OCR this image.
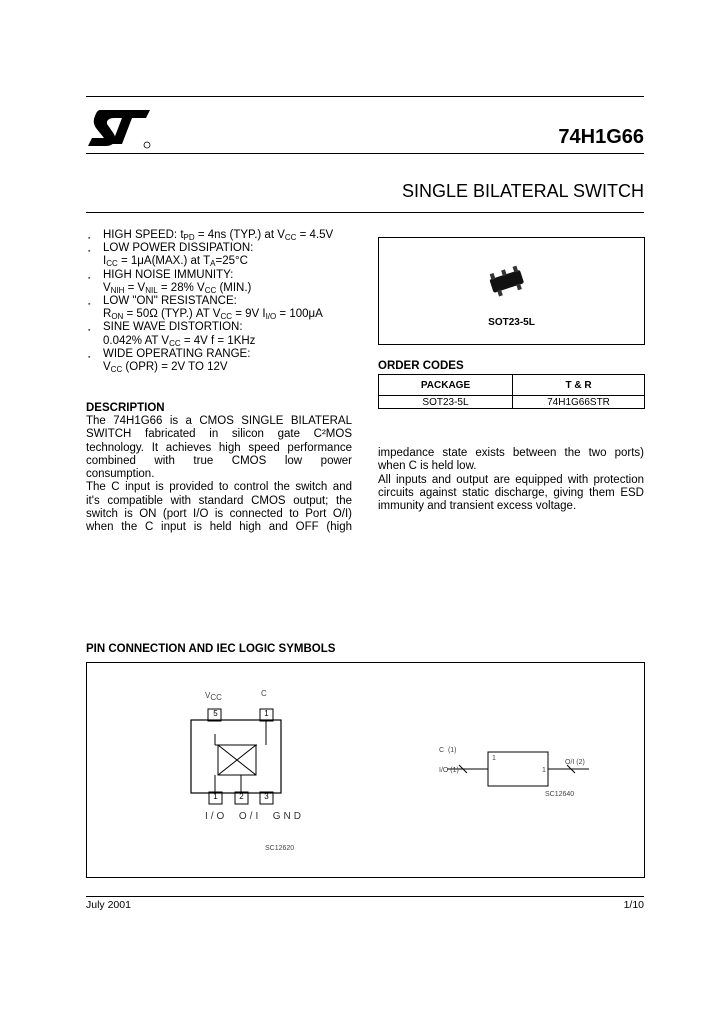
74H1G66
SINGLE BILATERAL SWITCH
▪ HIGH SPEED: $t_{PD} = 4ns$ (TYP.) at $V_{CC} = 4.5V$
▪ LOW POWER DISSIPATION:
$I_{CC} = 1\mu A(MAX.)$ at $T_A=25^\circ C$
▪ HIGH NOISE IMMUNITY:
$V_{NIH} = V_{NIL} = 28\%$ $V_{CC}$ (MIN.)
▪ LOW "ON" RESISTANCE:
$R_{ON} = 50\Omega$ (TYP.) AT $V_{CC} = 9V$ $I_{I/O} = 100\mu A$
▪ SINE WAVE DISTORTION:
0.042% AT $V_{CC} = 4V$ f = 1KHz
▪ WIDE OPERATING RANGE:
$V_{CC}$ (OPR) = 2V TO 12V
DESCRIPTION
The 74H1G66 is a CMOS SINGLE BILATERAL
SWITCH fabricated in silicon gate C²MOS
technology. It achieves high speed performance
combined with true CMOS low power
consumption.
The C input is provided to control the switch and
it's compatible with standard CMOS output; the
switch is ON (port I/O is connected to Port O/I)
when the C input is held high and OFF (high
impedance state exists between the two ports)
when C is held low.
All inputs and output are equipped with protection
circuits against static discharge, giving them ESD
immunity and transient excess voltage.
SOT23-5L
ORDER CODES
PACKAGE	T & R
SOT23-5L	74H1G66STR
PIN CONNECTION AND IEC LOGIC SYMBOLS
$V_{CC}$	C
5	1
1	2	3
I/O  O/I  GND
SC12620
C  (1)
I/O (1)
1
1
O/I (2)
SC12640
July 2001	1/10
